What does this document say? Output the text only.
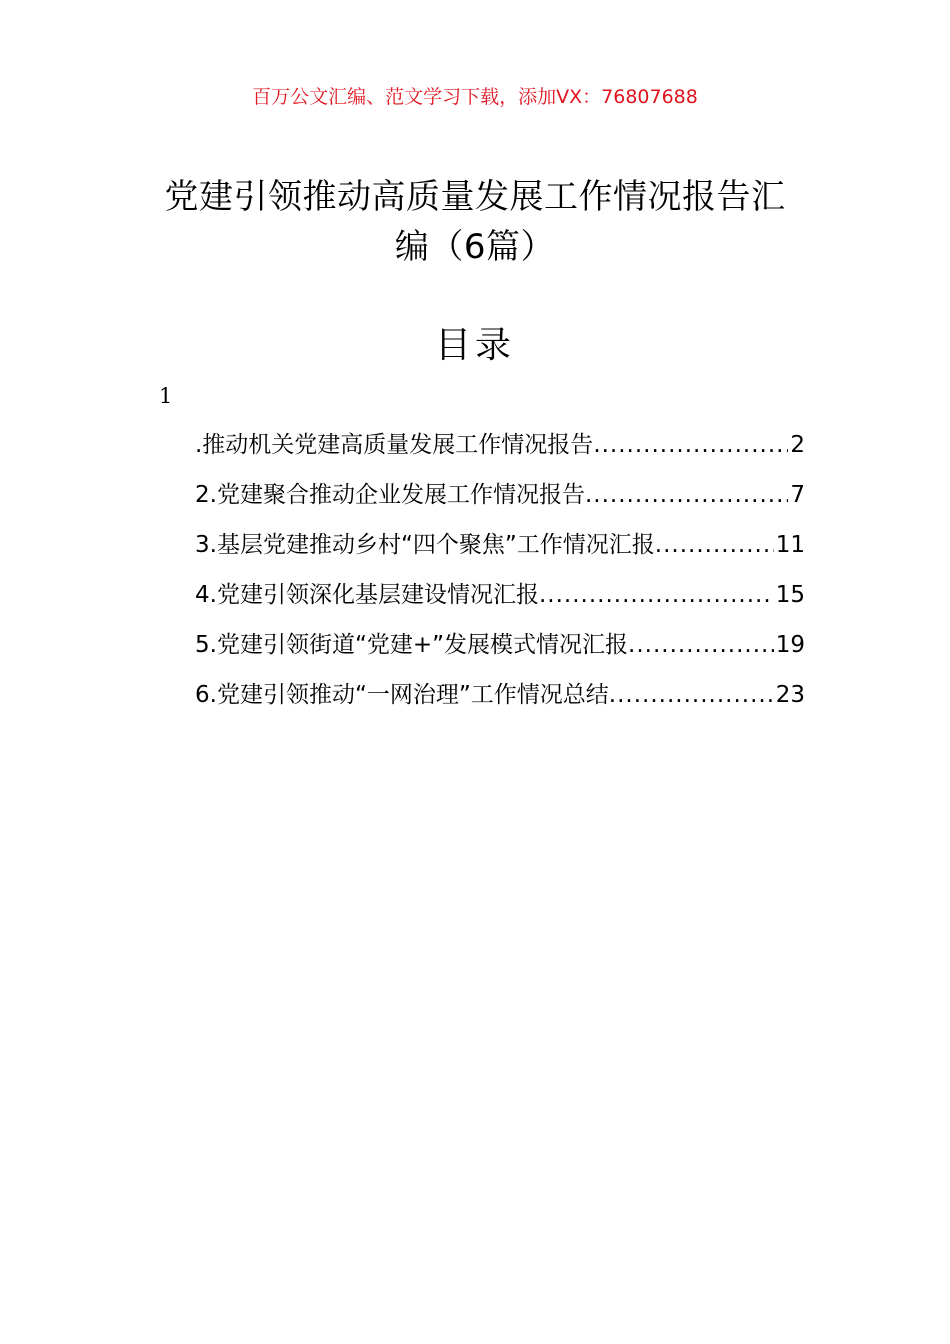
百万公文汇编、范文学习下载，添加VX：76807688
党建引领推动高质量发展工作情况报告汇
编（6篇）
目录
1
.推动机关党建高质量发展工作情况报告 .....	2
2.党建聚合推动企业发展工作情况报告 .....	7
3.基层党建推动乡村“四个聚焦”工作情况汇报 .....	11
4.党建引领深化基层建设情况汇报 .....	15
5.党建引领街道“党建+”发展模式情况汇报 .....	19
6.党建引领推动“一网治理”工作情况总结 .....	23
